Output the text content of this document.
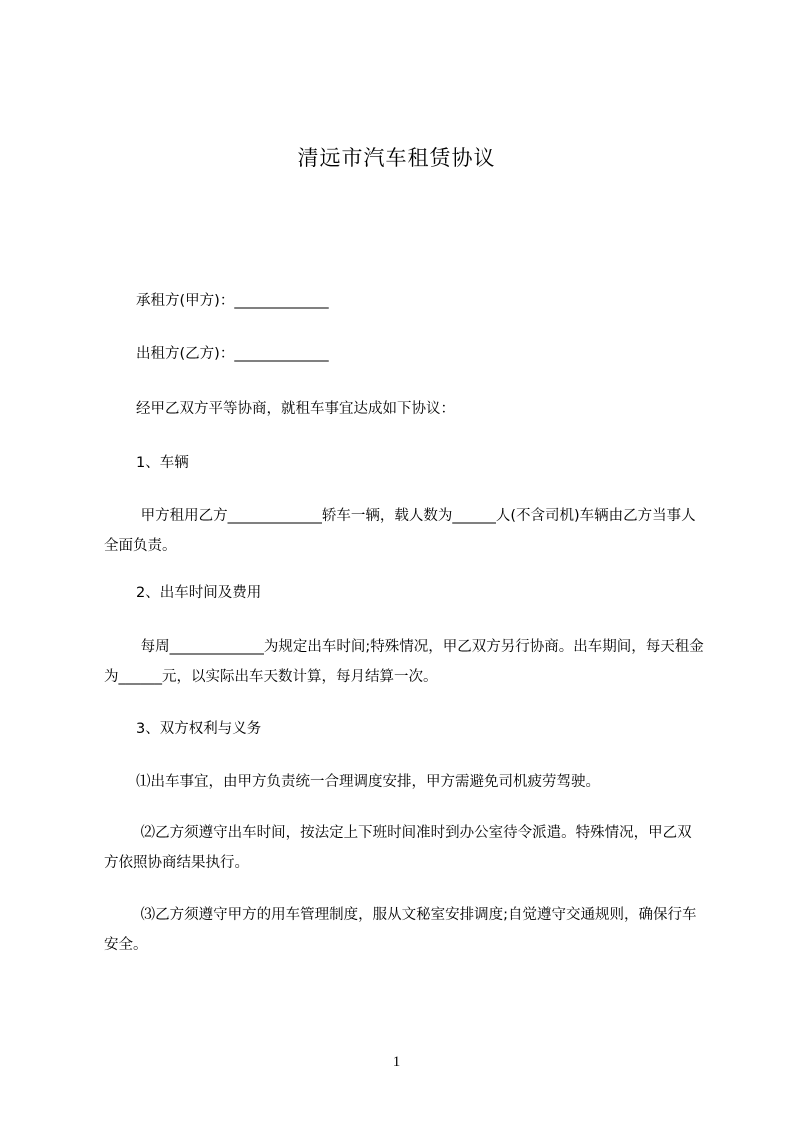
清远市汽车租赁协议
承租方(甲方)：_____________
出租方(乙方)：_____________
经甲乙双方平等协商，就租车事宜达成如下协议：
1、车辆
甲方租用乙方_____________轿车一辆，载人数为______人(不含司机)车辆由乙方当事人全面负责。
2、出车时间及费用
每周_____________为规定出车时间;特殊情况，甲乙双方另行协商。出车期间，每天租金为______元，以实际出车天数计算，每月结算一次。
3、双方权利与义务
⑴出车事宜，由甲方负责统一合理调度安排，甲方需避免司机疲劳驾驶。
⑵乙方须遵守出车时间，按法定上下班时间准时到办公室待令派遣。特殊情况，甲乙双方依照协商结果执行。
⑶乙方须遵守甲方的用车管理制度，服从文秘室安排调度;自觉遵守交通规则，确保行车安全。
1
